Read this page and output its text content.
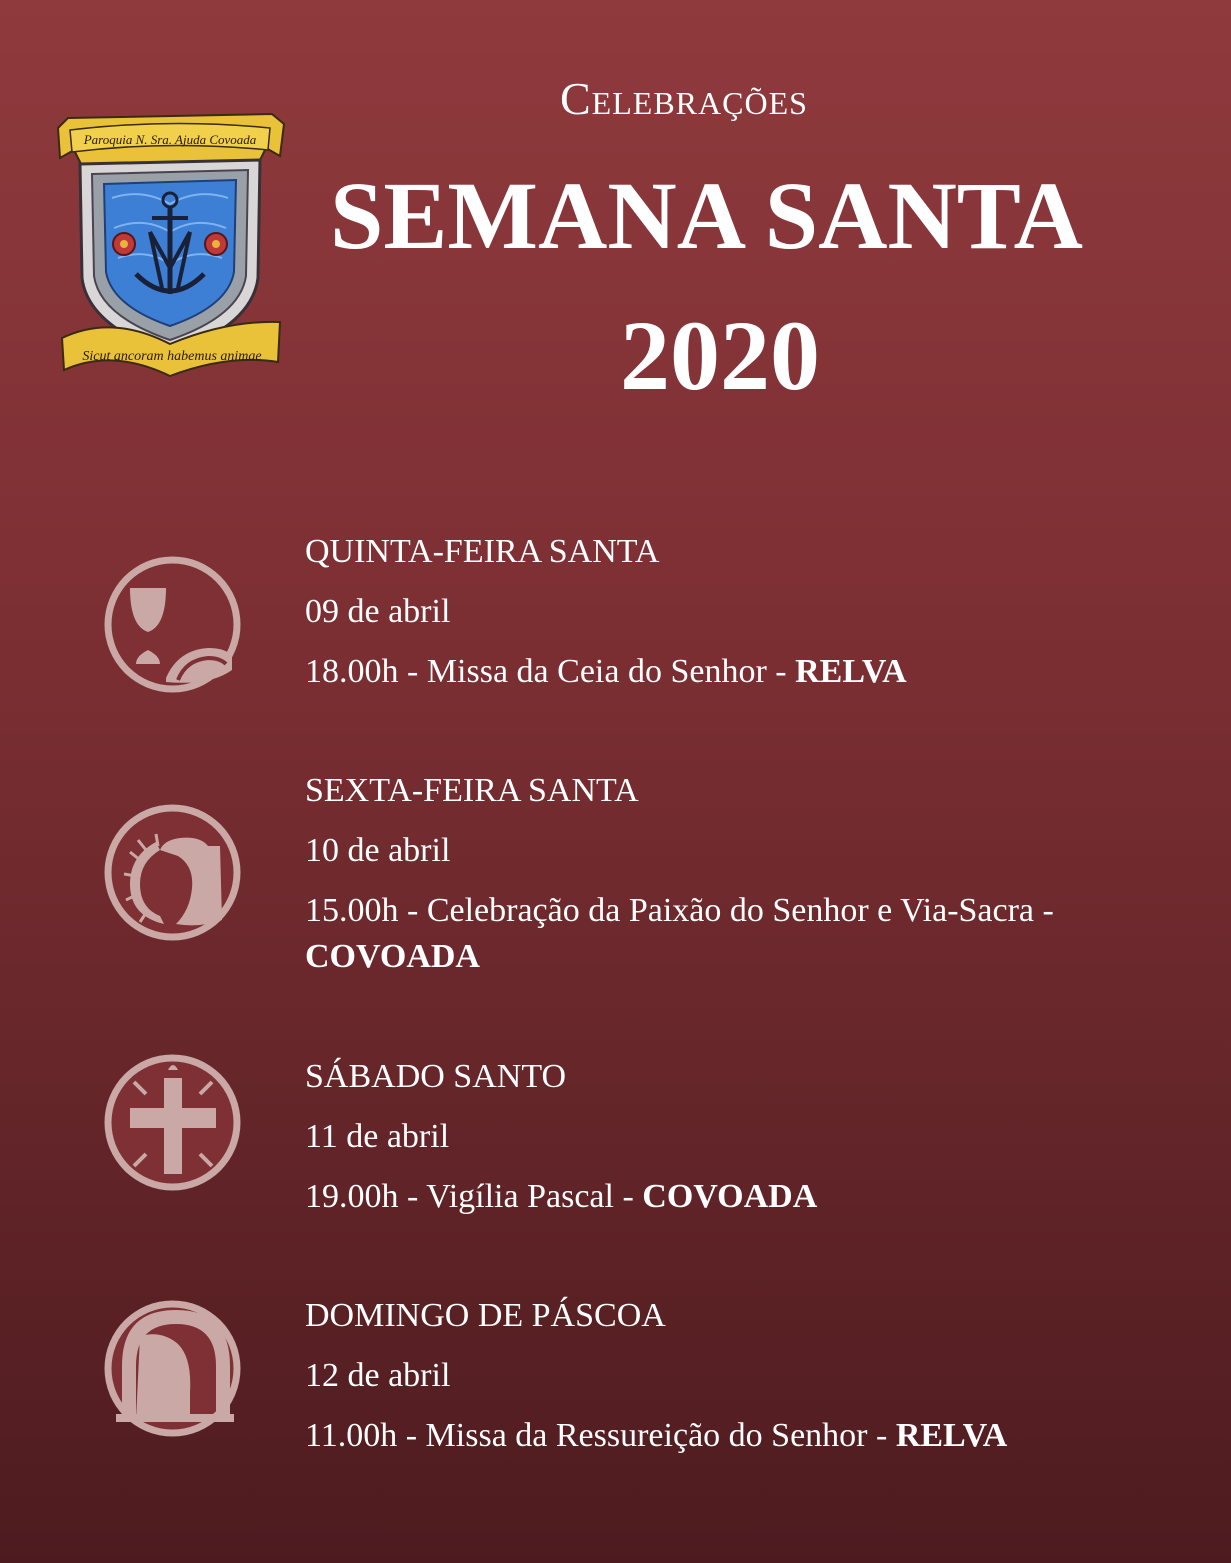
Paroquia N. Sra. Ajuda Covoada
Sicut ancoram habemus animae
Celebrações
SEMANA SANTA
2020
QUINTA-FEIRA SANTA
09 de abril
18.00h - Missa da Ceia do Senhor - RELVA
SEXTA-FEIRA SANTA
10 de abril
15.00h - Celebração da Paixão do Senhor e Via-Sacra -
COVOADA
SÁBADO SANTO
11 de abril
19.00h - Vigília Pascal - COVOADA
DOMINGO DE PÁSCOA
12 de abril
11.00h - Missa da Ressureição do Senhor - RELVA
